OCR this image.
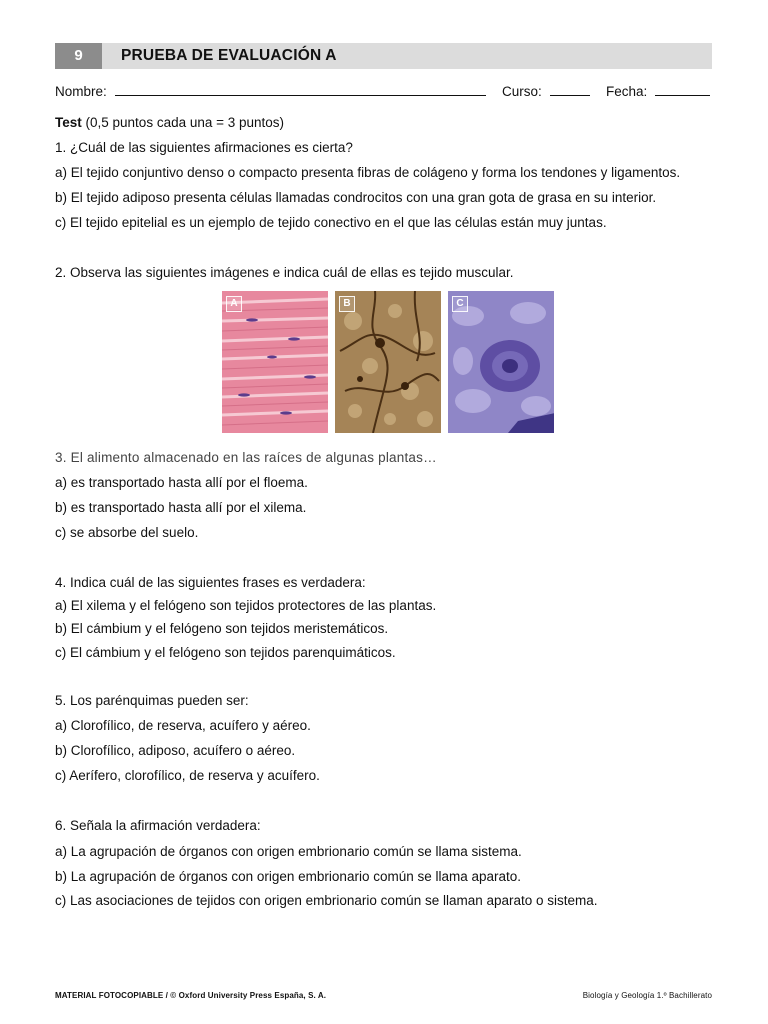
9	PRUEBA DE EVALUACIÓN A
Nombre:	Curso:	Fecha:
Test (0,5 puntos cada una = 3 puntos)
1. ¿Cuál de las siguientes afirmaciones es cierta?
a) El tejido conjuntivo denso o compacto presenta fibras de colágeno y forma los tendones y ligamentos.
b) El tejido adiposo presenta células llamadas condrocitos con una gran gota de grasa en su interior.
c) El tejido epitelial es un ejemplo de tejido conectivo en el que las células están muy juntas.
2. Observa las siguientes imágenes e indica cuál de ellas es tejido muscular.
A	B	C
3. El alimento almacenado en las raíces de algunas plantas…
a) es transportado hasta allí por el floema.
b) es transportado hasta allí por el xilema.
c) se absorbe del suelo.
4. Indica cuál de las siguientes frases es verdadera:
a) El xilema y el felógeno son tejidos protectores de las plantas.
b) El cámbium y el felógeno son tejidos meristemáticos.
c) El cámbium y el felógeno son tejidos parenquimáticos.
5. Los parénquimas pueden ser:
a) Clorofílico, de reserva, acuífero y aéreo.
b) Clorofílico, adiposo, acuífero o aéreo.
c) Aerífero, clorofílico, de reserva y acuífero.
6. Señala la afirmación verdadera:
a) La agrupación de órganos con origen embrionario común se llama sistema.
b) La agrupación de órganos con origen embrionario común se llama aparato.
c) Las asociaciones de tejidos con origen embrionario común se llaman aparato o sistema.
MATERIAL FOTOCOPIABLE / © Oxford University Press España, S. A.	Biología y Geología 1.º Bachillerato
